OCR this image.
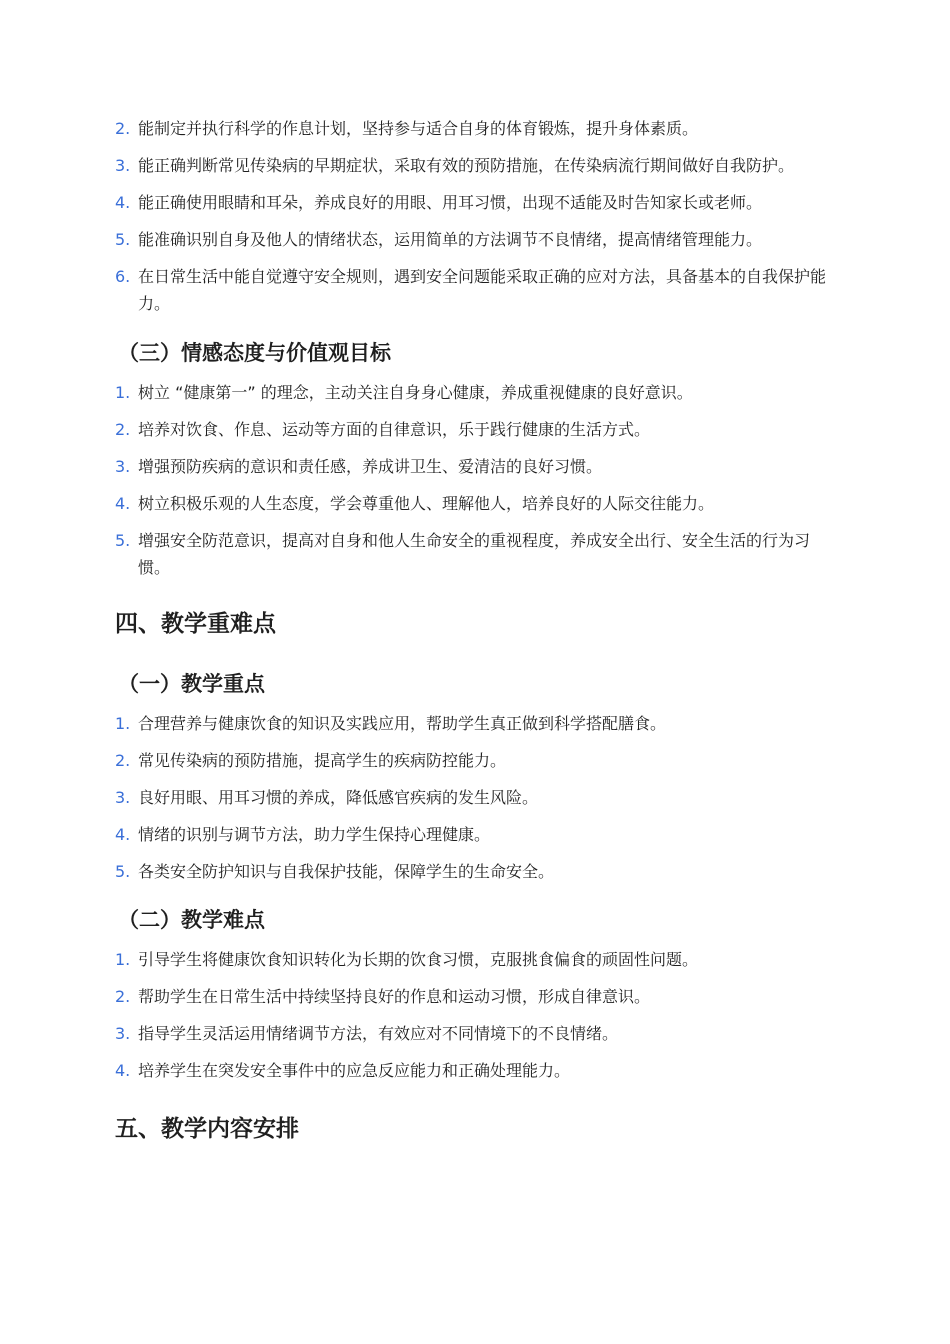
2. 能制定并执行科学的作息计划，坚持参与适合自身的体育锻炼，提升身体素质。
3. 能正确判断常见传染病的早期症状，采取有效的预防措施，在传染病流行期间做好自我防护。
4. 能正确使用眼睛和耳朵，养成良好的用眼、用耳习惯，出现不适能及时告知家长或老师。
5. 能准确识别自身及他人的情绪状态，运用简单的方法调节不良情绪，提高情绪管理能力。
6. 在日常生活中能自觉遵守安全规则，遇到安全问题能采取正确的应对方法，具备基本的自我保护能力。
（三）情感态度与价值观目标
1. 树立 “健康第一” 的理念，主动关注自身身心健康，养成重视健康的良好意识。
2. 培养对饮食、作息、运动等方面的自律意识，乐于践行健康的生活方式。
3. 增强预防疾病的意识和责任感，养成讲卫生、爱清洁的良好习惯。
4. 树立积极乐观的人生态度，学会尊重他人、理解他人，培养良好的人际交往能力。
5. 增强安全防范意识，提高对自身和他人生命安全的重视程度，养成安全出行、安全生活的行为习惯。
四、教学重难点
（一）教学重点
1. 合理营养与健康饮食的知识及实践应用，帮助学生真正做到科学搭配膳食。
2. 常见传染病的预防措施，提高学生的疾病防控能力。
3. 良好用眼、用耳习惯的养成，降低感官疾病的发生风险。
4. 情绪的识别与调节方法，助力学生保持心理健康。
5. 各类安全防护知识与自我保护技能，保障学生的生命安全。
（二）教学难点
1. 引导学生将健康饮食知识转化为长期的饮食习惯，克服挑食偏食的顽固性问题。
2. 帮助学生在日常生活中持续坚持良好的作息和运动习惯，形成自律意识。
3. 指导学生灵活运用情绪调节方法，有效应对不同情境下的不良情绪。
4. 培养学生在突发安全事件中的应急反应能力和正确处理能力。
五、教学内容安排
